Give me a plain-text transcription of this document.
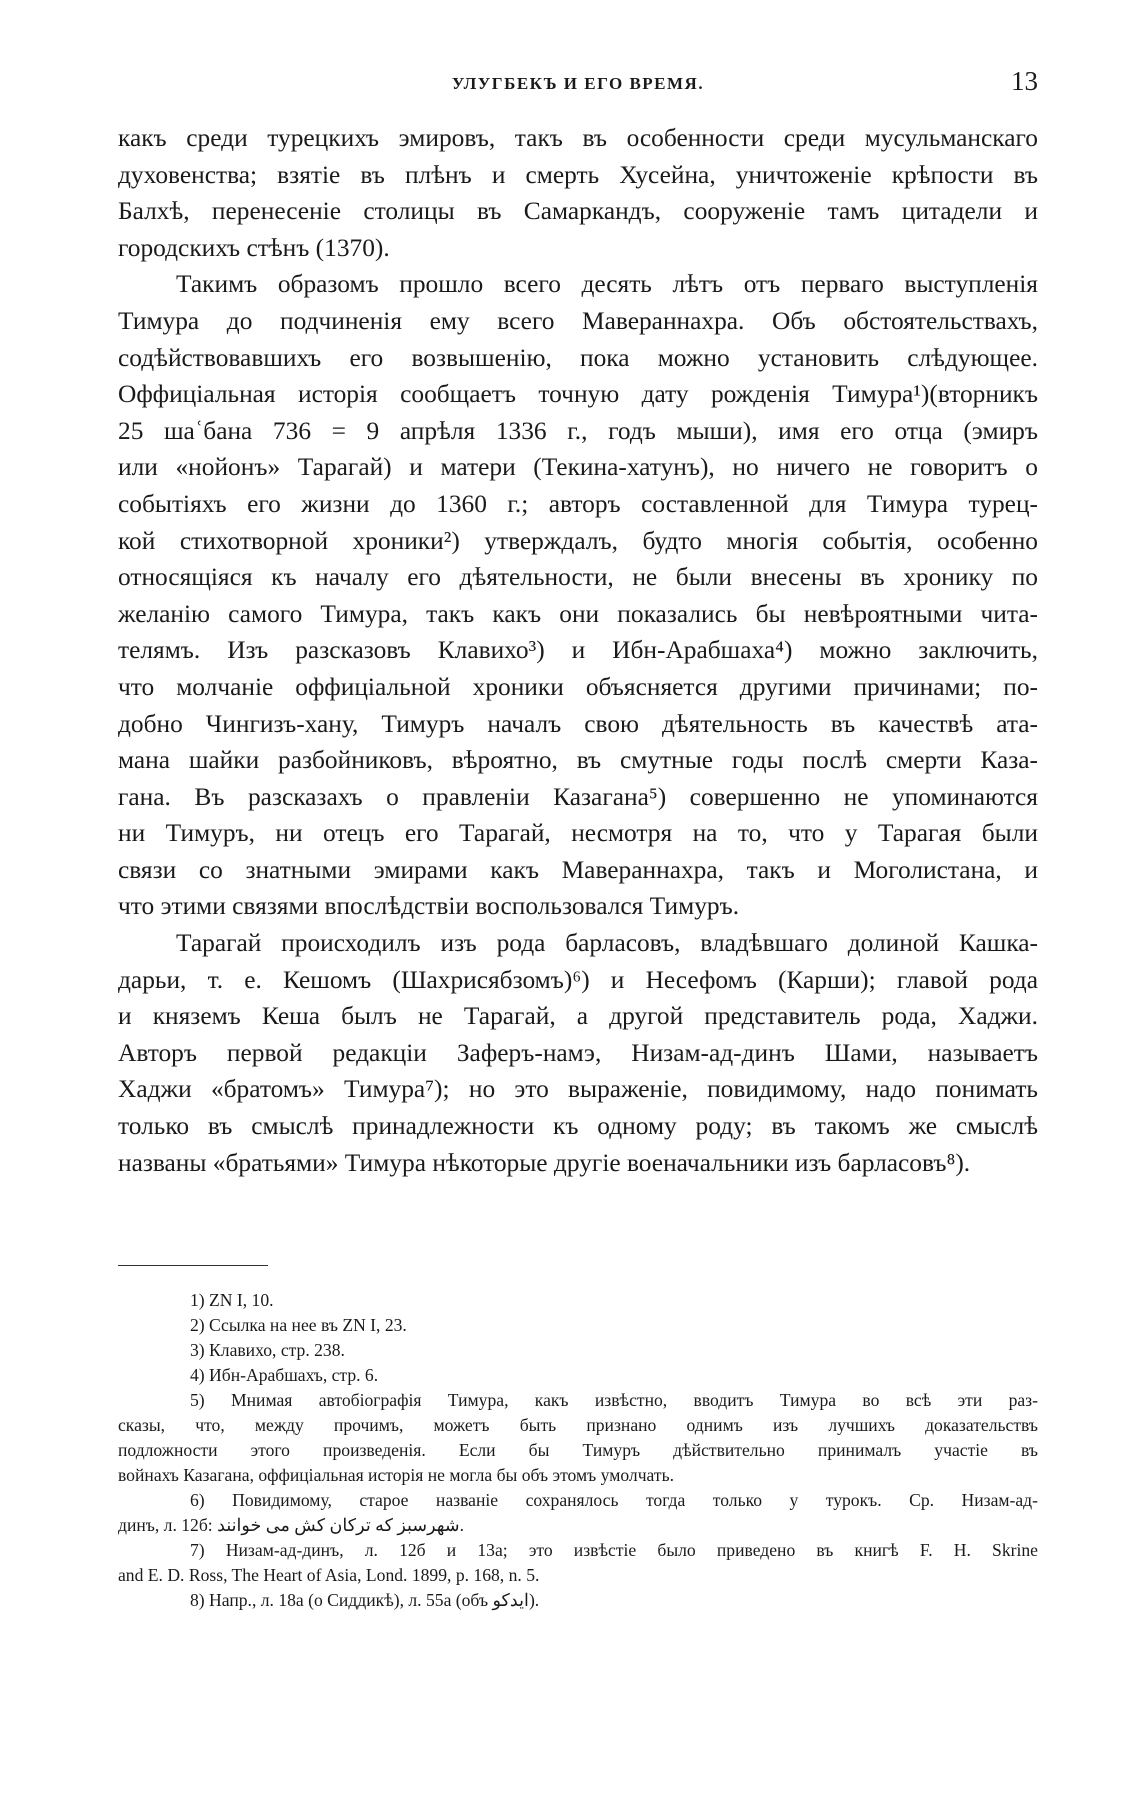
УЛУГБЕКЪ И ЕГО ВРЕМЯ.	13
какъ среди турецкихъ эмировъ, такъ въ особенности среди мусульманскаго
духовенства; взятіе въ плѣнъ и смерть Хусейна, уничтоженіе крѣпости въ
Балхѣ, перенесеніе столицы въ Самаркандъ, сооруженіе тамъ цитадели и
городскихъ стѣнъ (1370).
Такимъ образомъ прошло всего десять лѣтъ отъ перваго выступленія
Тимура до подчиненія ему всего Мавераннахра. Объ обстоятельствахъ,
содѣйствовавшихъ его возвышенію, пока можно установить слѣдующее.
Оффиціальная исторія сообщаетъ точную дату рожденія Тимура¹)(вторникъ
25 шаʿбана 736 = 9 апрѣля 1336 г., годъ мыши), имя его отца (эмиръ
или «нойонъ» Тарагай) и матери (Текина-хатунъ), но ничего не говоритъ о
событіяхъ его жизни до 1360 г.; авторъ составленной для Тимура турец-
кой стихотворной хроники²) утверждалъ, будто многія событія, особенно
относящіяся къ началу его дѣятельности, не были внесены въ хронику по
желанію самого Тимура, такъ какъ они показались бы невѣроятными чита-
телямъ. Изъ разсказовъ Клавихо³) и Ибн-Арабшаха⁴) можно заключить,
что молчаніе оффиціальной хроники объясняется другими причинами; по-
добно Чингизъ-хану, Тимуръ началъ свою дѣятельность въ качествѣ ата-
мана шайки разбойниковъ, вѣроятно, въ смутные годы послѣ смерти Каза-
гана. Въ разсказахъ о правленіи Казагана⁵) совершенно не упоминаются
ни Тимуръ, ни отецъ его Тарагай, несмотря на то, что у Тарагая были
связи со знатными эмирами какъ Мавераннахра, такъ и Моголистана, и
что этими связями впослѣдствіи воспользовался Тимуръ.
Тарагай происходилъ изъ рода барласовъ, владѣвшаго долиной Кашка-
дарьи, т. е. Кешомъ (Шахрисябзомъ)⁶) и Несефомъ (Карши); главой рода
и княземъ Кеша былъ не Тарагай, а другой представитель рода, Хаджи.
Авторъ первой редакціи Заферъ-намэ, Низам-ад-динъ Шами, называетъ
Хаджи «братомъ» Тимура⁷); но это выраженіе, повидимому, надо понимать
только въ смыслѣ принадлежности къ одному роду; въ такомъ же смыслѣ
названы «братьями» Тимура нѣкоторые другіе военачальники изъ барласовъ⁸).
1) ZN I, 10.
2) Ссылка на нее въ ZN I, 23.
3) Клавихо, стр. 238.
4) Ибн-Арабшахъ, стр. 6.
5) Мнимая автобіографія Тимура, какъ извѣстно, вводитъ Тимура во всѣ эти раз-
сказы, что, между прочимъ, можетъ быть признано однимъ изъ лучшихъ доказательствъ
подложности этого произведенія. Если бы Тимуръ дѣйствительно принималъ участіе въ
войнахъ Казагана, оффиціальная исторія не могла бы объ этомъ умолчать.
6) Повидимому, старое названіе сохранялось тогда только у турокъ. Ср. Низам-ад-
динъ, л. 12б: شهرسبز كه تركان كش مى خوانند.
7) Низам-ад-динъ, л. 12б и 13а; это извѣстіе было приведено въ книгѣ F. H. Skrine
and E. D. Ross, The Heart of Asia, Lond. 1899, p. 168, n. 5.
8) Напр., л. 18а (о Сиддикѣ), л. 55а (объ ايدكو).
